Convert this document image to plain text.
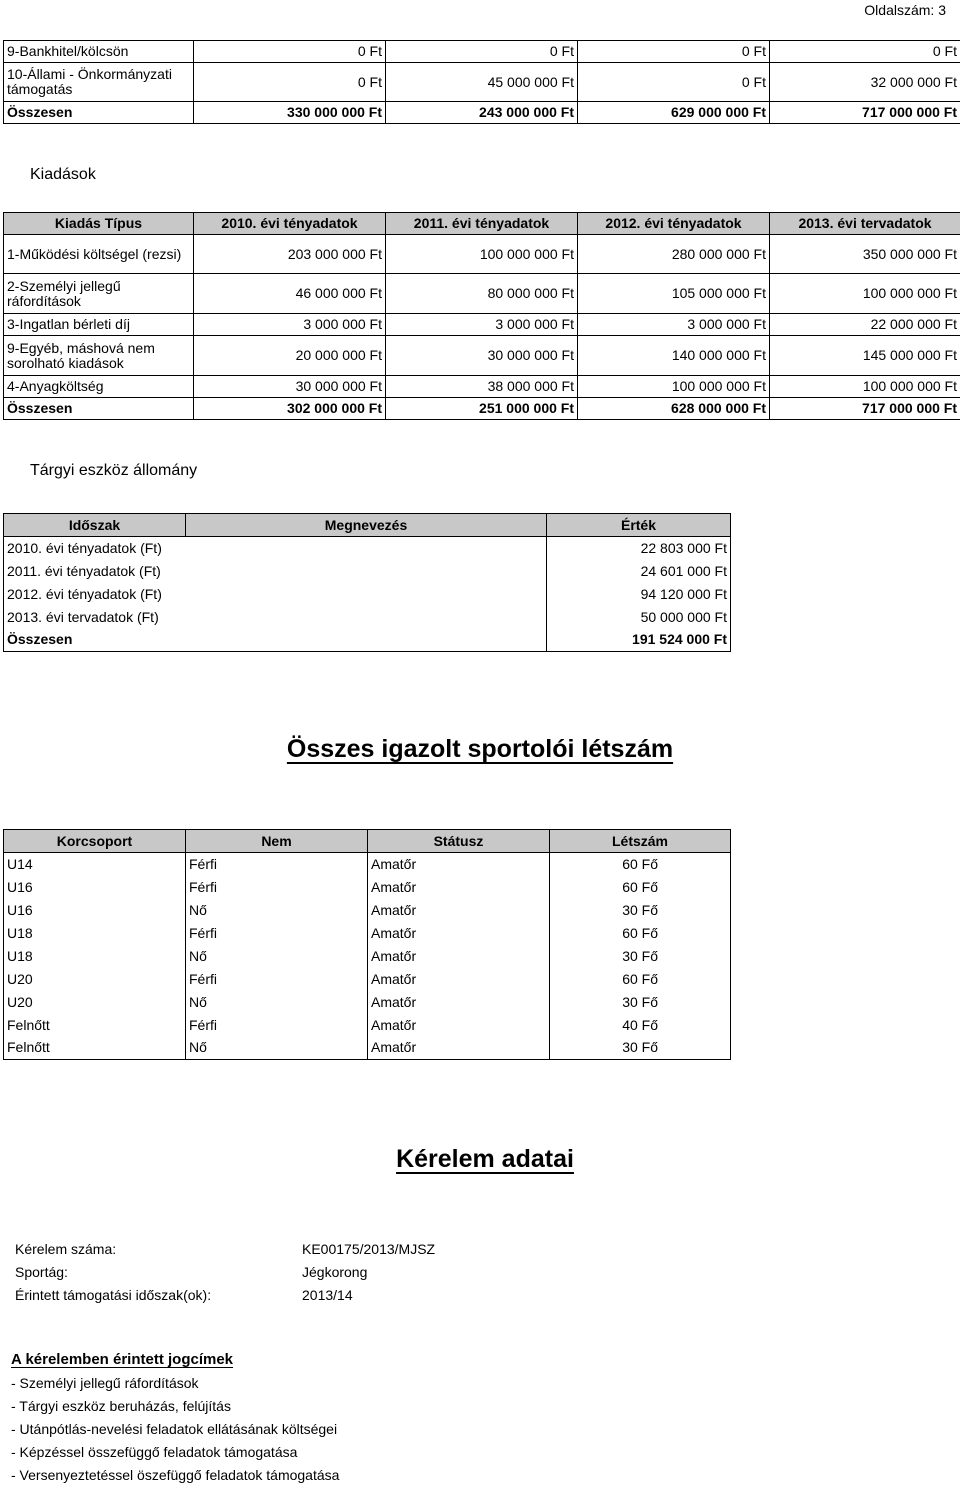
Oldalszám: 3
9-Bankhitel/kölcsön	0 Ft	0 Ft	0 Ft	0 Ft
10-Állami - Önkormányzati támogatás	0 Ft	45 000 000 Ft	0 Ft	32 000 000 Ft
Összesen	330 000 000 Ft	243 000 000 Ft	629 000 000 Ft	717 000 000 Ft
Kiadások
Kiadás Típus	2010. évi tényadatok	2011. évi tényadatok	2012. évi tényadatok	2013. évi tervadatok
1-Működési költségel (rezsi)	203 000 000 Ft	100 000 000 Ft	280 000 000 Ft	350 000 000 Ft
2-Személyi jellegű ráfordítások	46 000 000 Ft	80 000 000 Ft	105 000 000 Ft	100 000 000 Ft
3-Ingatlan bérleti díj	3 000 000 Ft	3 000 000 Ft	3 000 000 Ft	22 000 000 Ft
9-Egyéb, máshová nem sorolható kiadások	20 000 000 Ft	30 000 000 Ft	140 000 000 Ft	145 000 000 Ft
4-Anyagköltség	30 000 000 Ft	38 000 000 Ft	100 000 000 Ft	100 000 000 Ft
Összesen	302 000 000 Ft	251 000 000 Ft	628 000 000 Ft	717 000 000 Ft
Tárgyi eszköz állomány
Időszak	Megnevezés	Érték
2010. évi tényadatok (Ft)		22 803 000 Ft
2011. évi tényadatok (Ft)		24 601 000 Ft
2012. évi tényadatok (Ft)		94 120 000 Ft
2013. évi tervadatok (Ft)		50 000 000 Ft
Összesen		191 524 000 Ft
Összes igazolt sportolói létszám
Korcsoport	Nem	Státusz	Létszám
U14	Férfi	Amatőr	60 Fő
U16	Férfi	Amatőr	60 Fő
U16	Nő	Amatőr	30 Fő
U18	Férfi	Amatőr	60 Fő
U18	Nő	Amatőr	30 Fő
U20	Férfi	Amatőr	60 Fő
U20	Nő	Amatőr	30 Fő
Felnőtt	Férfi	Amatőr	40 Fő
Felnőtt	Nő	Amatőr	30 Fő
Kérelem adatai
Kérelem száma:	KE00175/2013/MJSZ
Sportág:	Jégkorong
Érintett támogatási időszak(ok):	2013/14
A kérelemben érintett jogcímek
- Személyi jellegű ráfordítások
- Tárgyi eszköz beruházás, felújítás
- Utánpótlás-nevelési feladatok ellátásának költségei
- Képzéssel összefüggő feladatok támogatása
- Versenyeztetéssel öszefüggő feladatok támogatása
